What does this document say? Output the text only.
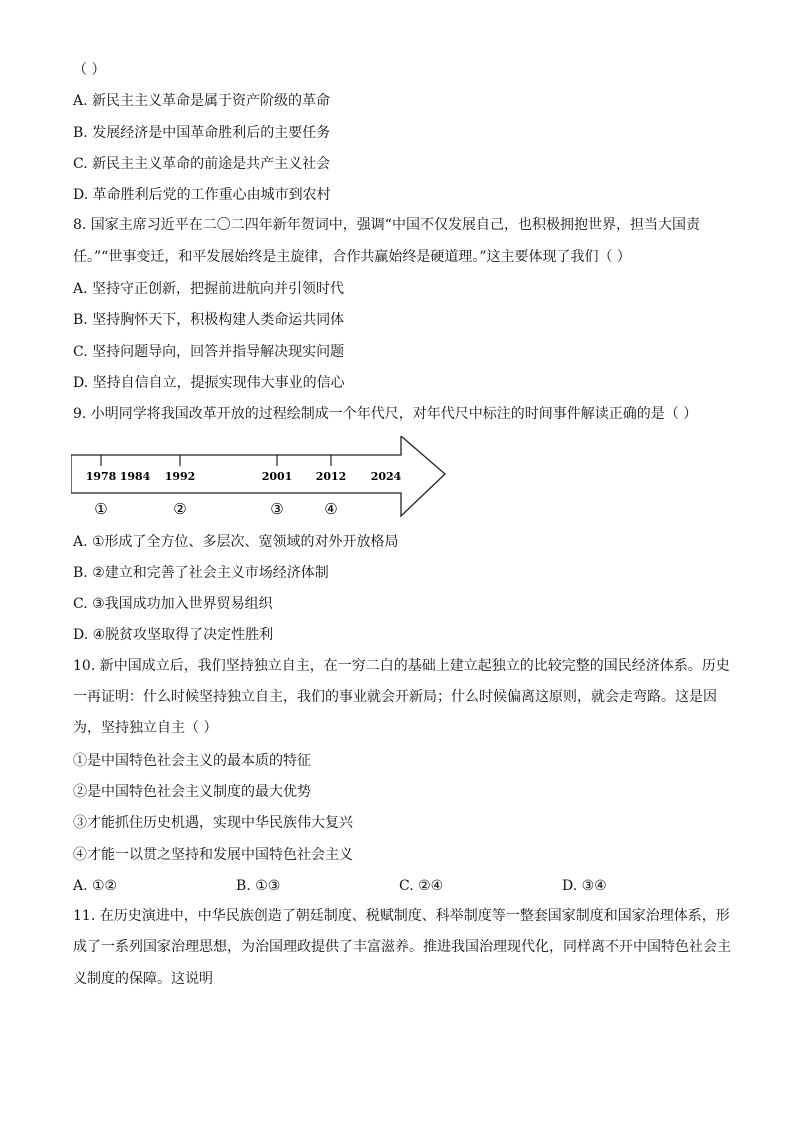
（ ）
A. 新民主主义革命是属于资产阶级的革命
B. 发展经济是中国革命胜利后的主要任务
C. 新民主主义革命的前途是共产主义社会
D. 革命胜利后党的工作重心由城市到农村
8. 国家主席习近平在二〇二四年新年贺词中，强调“中国不仅发展自己，也积极拥抱世界，担当大国责任。”“世事变迁，和平发展始终是主旋律，合作共赢始终是硬道理。”这主要体现了我们（ ）
A. 坚持守正创新，把握前进航向并引领时代
B. 坚持胸怀天下，积极构建人类命运共同体
C. 坚持问题导向，回答并指导解决现实问题
D. 坚持自信自立，提振实现伟大事业的信心
9. 小明同学将我国改革开放的过程绘制成一个年代尺，对年代尺中标注的时间事件解读正确的是（ ）
1978 1984 1992	2001 2012 2024
①	②	③	④
A. ①形成了全方位、多层次、宽领域的对外开放格局
B. ②建立和完善了社会主义市场经济体制
C. ③我国成功加入世界贸易组织
D. ④脱贫攻坚取得了决定性胜利
10. 新中国成立后，我们坚持独立自主，在一穷二白的基础上建立起独立的比较完整的国民经济体系。历史一再证明：什么时候坚持独立自主，我们的事业就会开新局；什么时候偏离这原则，就会走弯路。这是因为，坚持独立自主（ ）
①是中国特色社会主义的最本质的特征
②是中国特色社会主义制度的最大优势
③才能抓住历史机遇，实现中华民族伟大复兴
④才能一以贯之坚持和发展中国特色社会主义
A. ①②	B. ①③	C. ②④	D. ③④
11. 在历史演进中，中华民族创造了朝廷制度、税赋制度、科举制度等一整套国家制度和国家治理体系，形成了一系列国家治理思想，为治国理政提供了丰富滋养。推进我国治理现代化，同样离不开中国特色社会主义制度的保障。这说明
